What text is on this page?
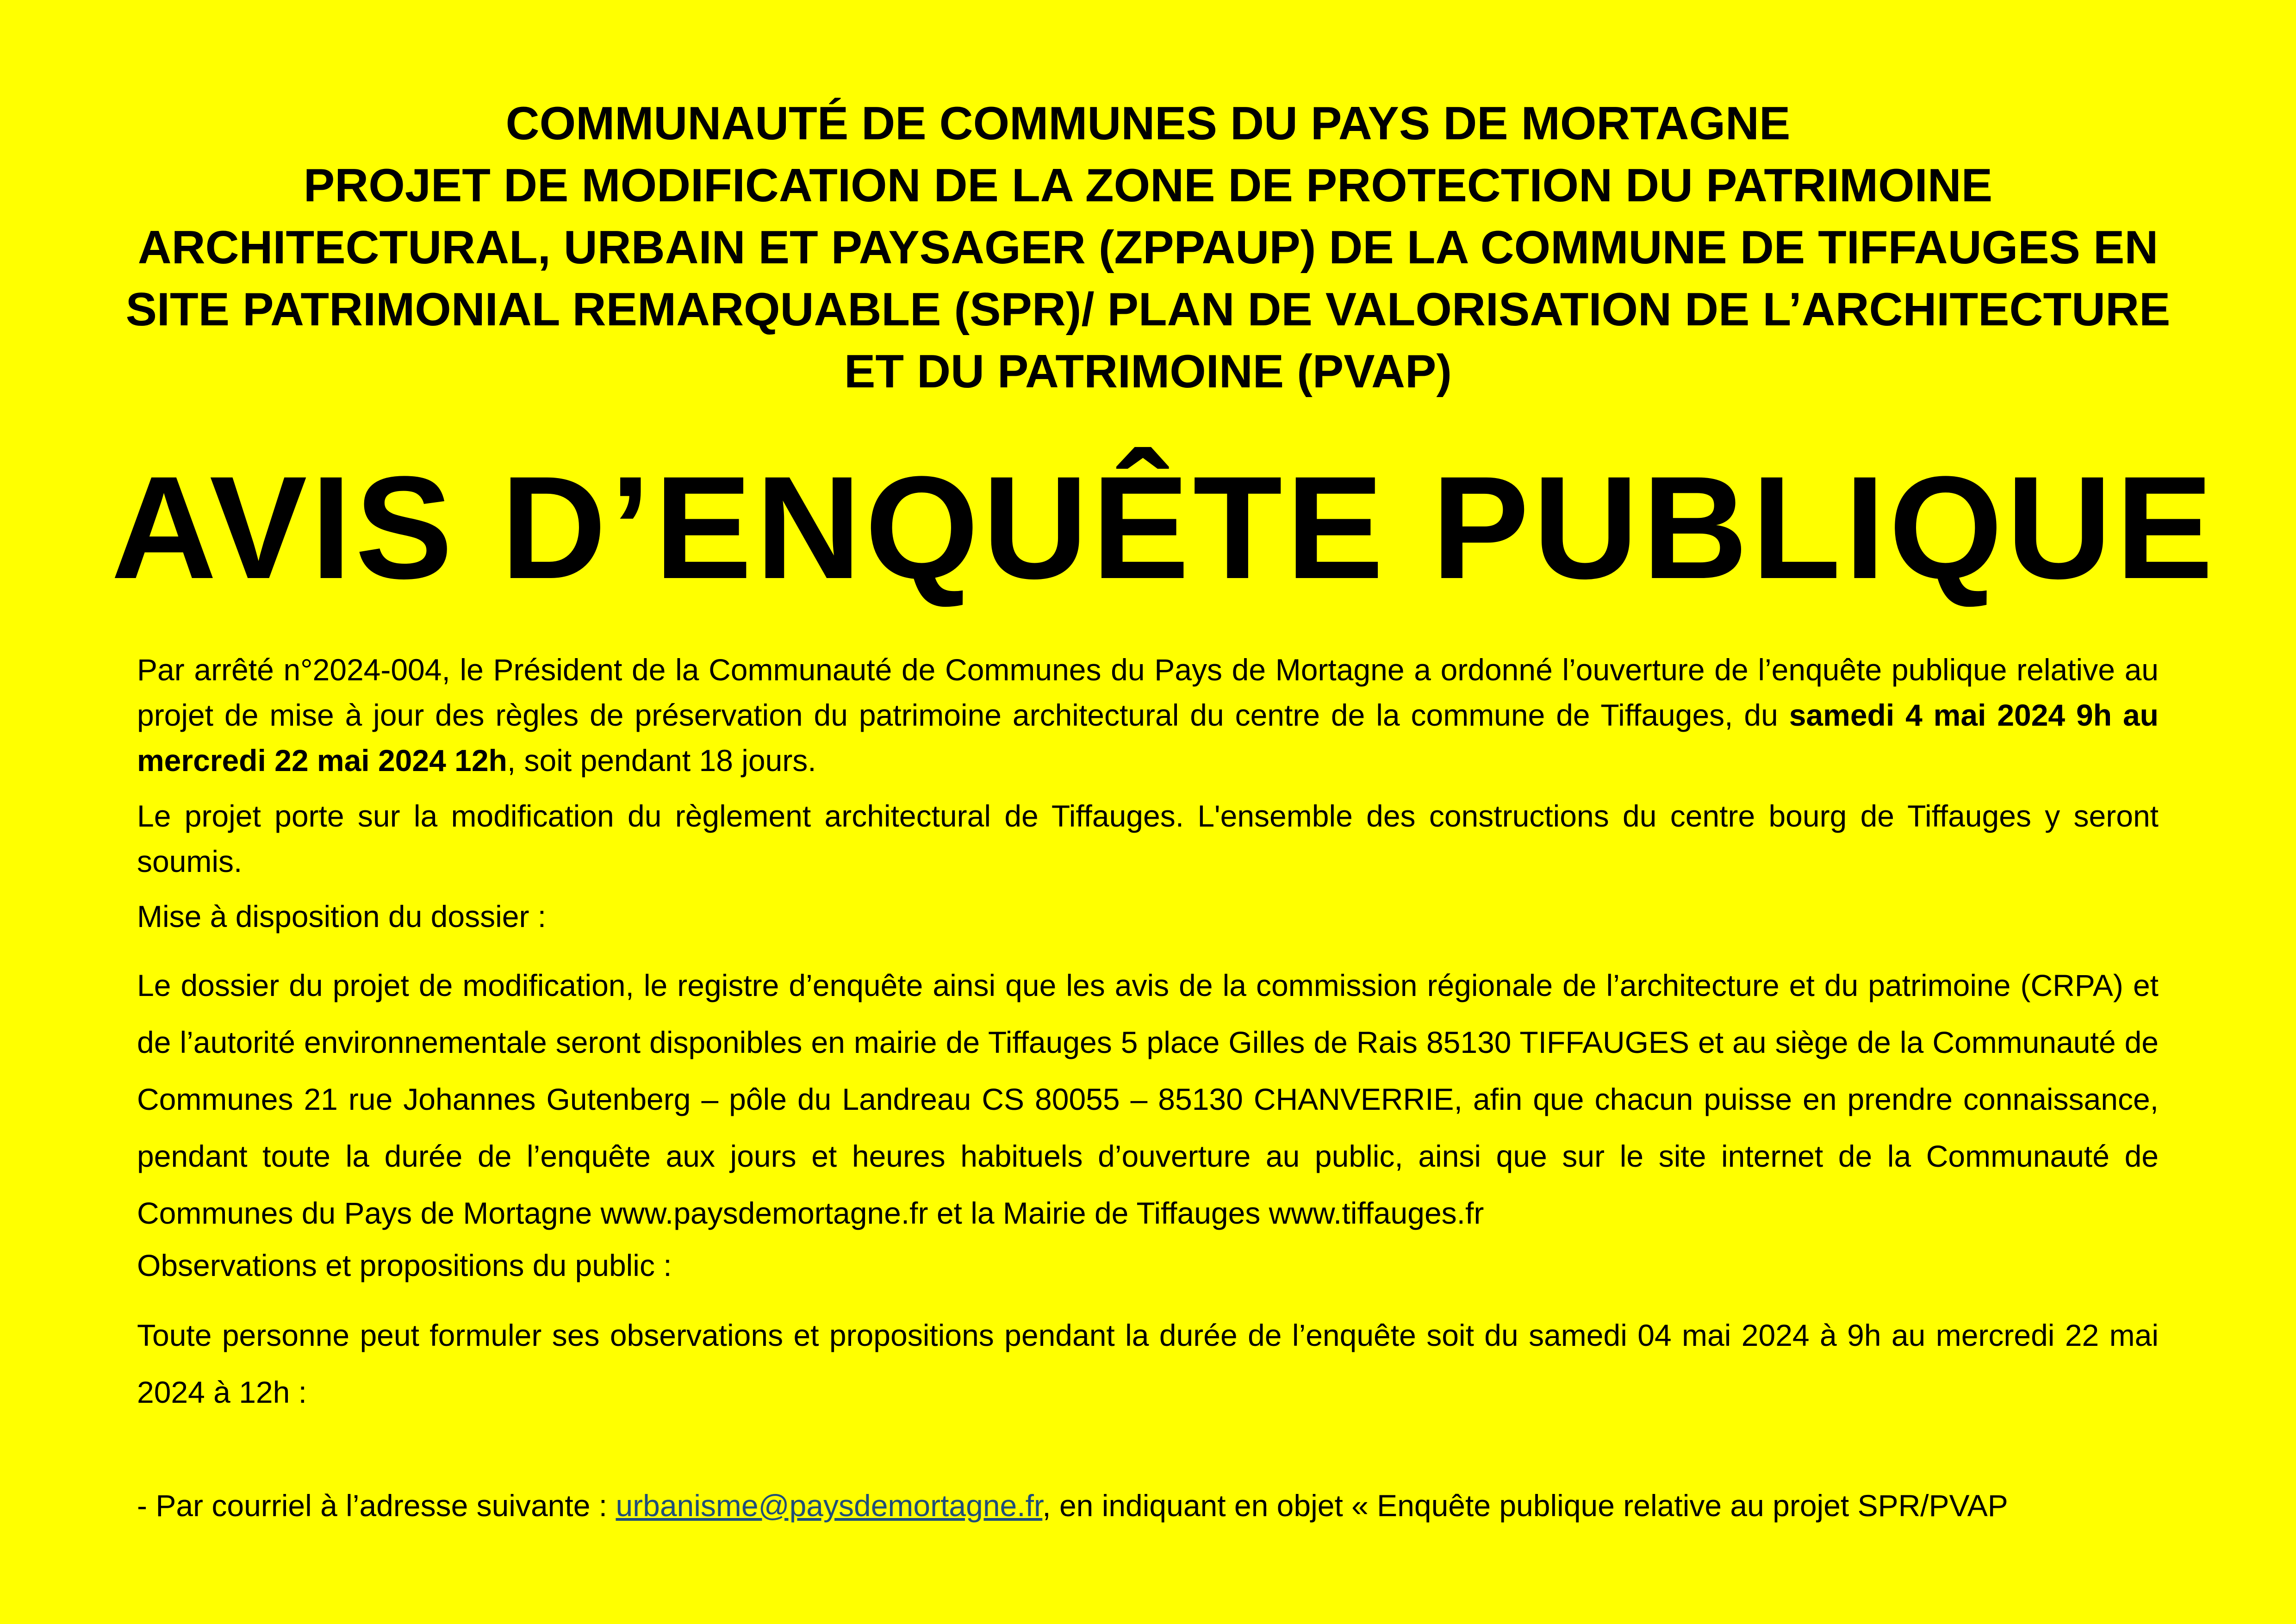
COMMUNAUTÉ DE COMMUNES DU PAYS DE MORTAGNE
PROJET DE MODIFICATION DE LA ZONE DE PROTECTION DU PATRIMOINE
ARCHITECTURAL, URBAIN ET PAYSAGER (ZPPAUP) DE LA COMMUNE DE TIFFAUGES EN
SITE PATRIMONIAL REMARQUABLE (SPR)/ PLAN DE VALORISATION DE L’ARCHITECTURE
ET DU PATRIMOINE (PVAP)
AVIS D’ENQUÊTE PUBLIQUE

Par arrêté n°2024-004, le Président de la Communauté de Communes du Pays de Mortagne a ordonné l’ouverture de l’enquête publique relative au projet de mise à jour des règles de préservation du patrimoine architectural du centre de la commune de Tiffauges, du samedi 4 mai 2024 9h au mercredi 22 mai 2024 12h, soit pendant 18 jours.

Le projet porte sur la modification du règlement architectural de Tiffauges. L'ensemble des constructions du centre bourg de Tiffauges y seront soumis.

Mise à disposition du dossier :

Le dossier du projet de modification, le registre d’enquête ainsi que les avis de la commission régionale de l’architecture et du patrimoine (CRPA) et de l’autorité environnementale seront disponibles en mairie de Tiffauges 5 place Gilles de Rais 85130 TIFFAUGES et au siège de la Communauté de Communes 21 rue Johannes Gutenberg – pôle du Landreau CS 80055 – 85130 CHANVERRIE, afin que chacun puisse en prendre connaissance, pendant toute la durée de l’enquête aux jours et heures habituels d’ouverture au public, ainsi que sur le site internet de la Communauté de Communes du Pays de Mortagne www.paysdemortagne.fr et la Mairie de Tiffauges www.tiffauges.fr

Observations et propositions du public :

Toute personne peut formuler ses observations et propositions pendant la durée de l’enquête soit du samedi 04 mai 2024 à 9h au mercredi 22 mai 2024 à 12h :

- Par courriel à l’adresse suivante : urbanisme@paysdemortagne.fr, en indiquant en objet « Enquête publique relative au projet SPR/PVAP
